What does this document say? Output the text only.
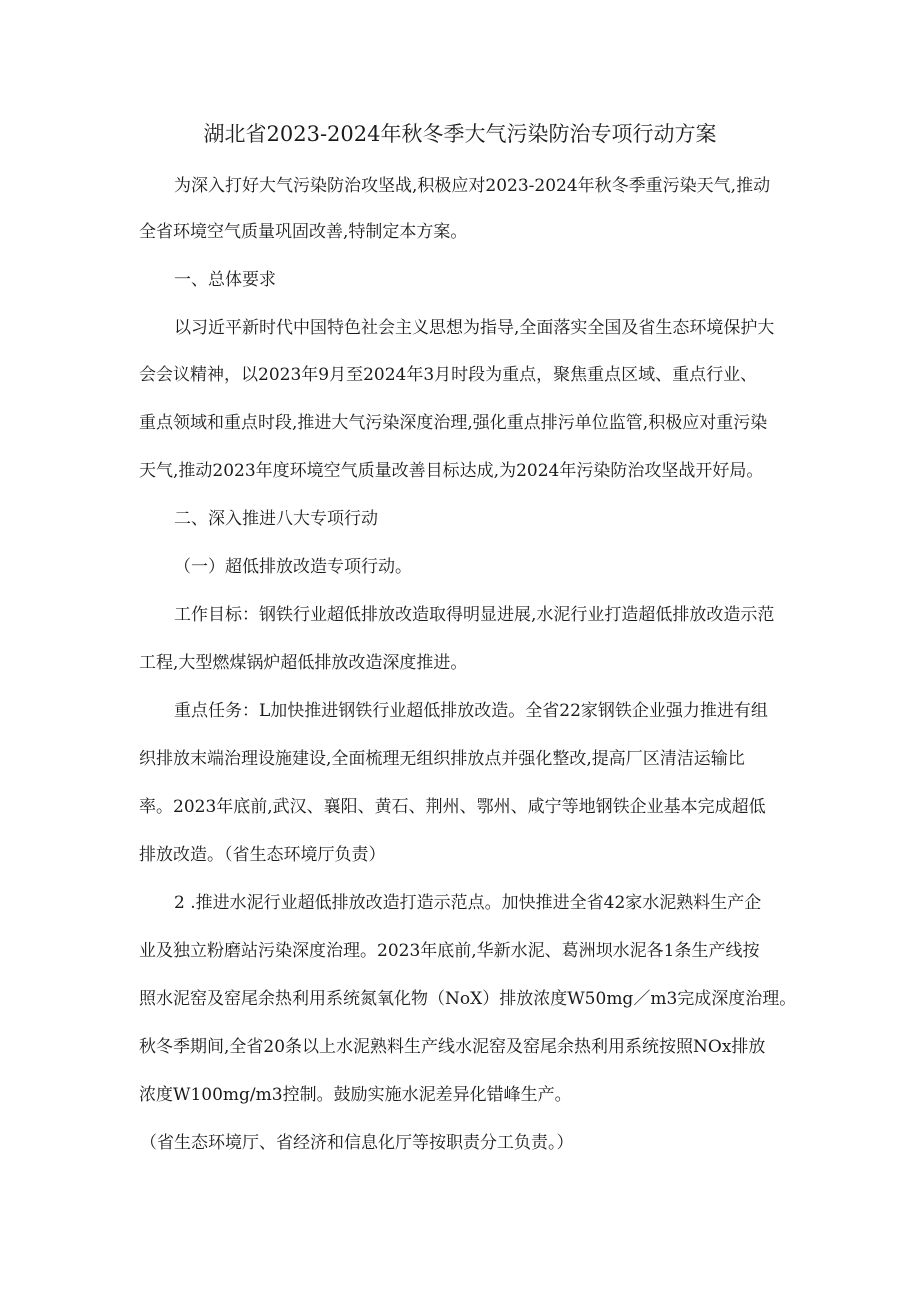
湖北省2023-2024年秋冬季大气污染防治专项行动方案
为深入打好大气污染防治攻坚战,积极应对2023-2024年秋冬季重污染天气,推动
全省环境空气质量巩固改善,特制定本方案。
一、总体要求
以习近平新时代中国特色社会主义思想为指导,全面落实全国及省生态环境保护大
会会议精神，以2023年9月至2024年3月时段为重点，聚焦重点区域、重点行业、
重点领域和重点时段,推进大气污染深度治理,强化重点排污单位监管,积极应对重污染
天气,推动2023年度环境空气质量改善目标达成,为2024年污染防治攻坚战开好局。
二、深入推进八大专项行动
（一）超低排放改造专项行动。
工作目标：钢铁行业超低排放改造取得明显进展,水泥行业打造超低排放改造示范
工程,大型燃煤锅炉超低排放改造深度推进。
重点任务：L加快推进钢铁行业超低排放改造。全省22家钢铁企业强力推进有组
织排放末端治理设施建设,全面梳理无组织排放点并强化整改,提高厂区清洁运输比
率。2023年底前,武汉、襄阳、黄石、荆州、鄂州、咸宁等地钢铁企业基本完成超低
排放改造。（省生态环境厅负责）
2 .推进水泥行业超低排放改造打造示范点。加快推进全省42家水泥熟料生产企
业及独立粉磨站污染深度治理。2023年底前,华新水泥、葛洲坝水泥各1条生产线按
照水泥窑及窑尾余热利用系统氮氧化物（NoX）排放浓度W50mg／m3完成深度治理。
秋冬季期间,全省20条以上水泥熟料生产线水泥窑及窑尾余热利用系统按照NOx排放
浓度W100mg/m3控制。鼓励实施水泥差异化错峰生产。
（省生态环境厅、省经济和信息化厅等按职责分工负责。）
